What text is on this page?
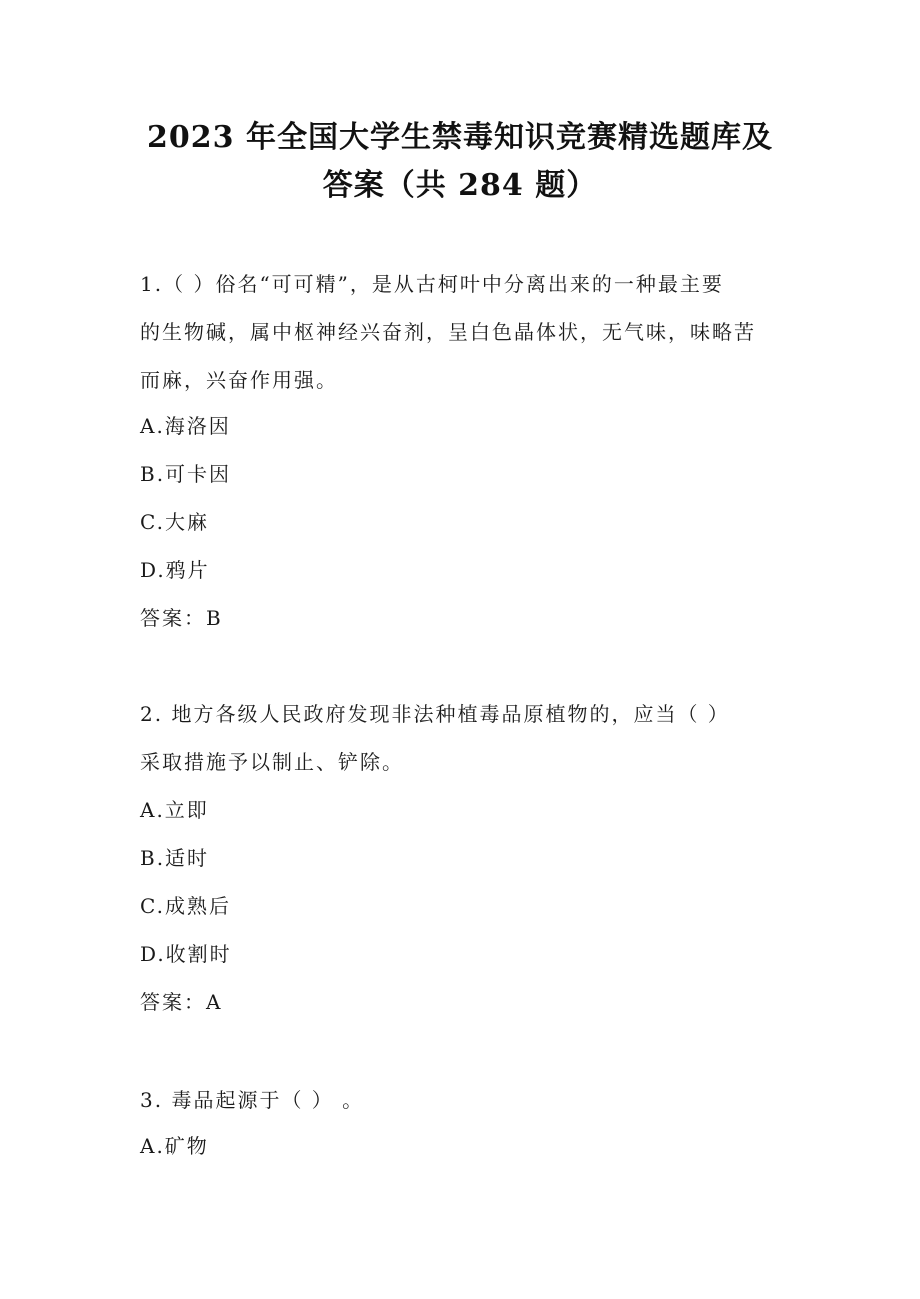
2023 年全国大学生禁毒知识竞赛精选题库及
答案（共 284 题）
1.（ ）俗名“可可精”，是从古柯叶中分离出来的一种最主要
的生物碱，属中枢神经兴奋剂，呈白色晶体状，无气味，味略苦
而麻，兴奋作用强。
A.海洛因
B.可卡因
C.大麻
D.鸦片
答案：B
2. 地方各级人民政府发现非法种植毒品原植物的，应当（ ）
采取措施予以制止、铲除。
A.立即
B.适时
C.成熟后
D.收割时
答案：A
3. 毒品起源于（ ） 。
A.矿物
